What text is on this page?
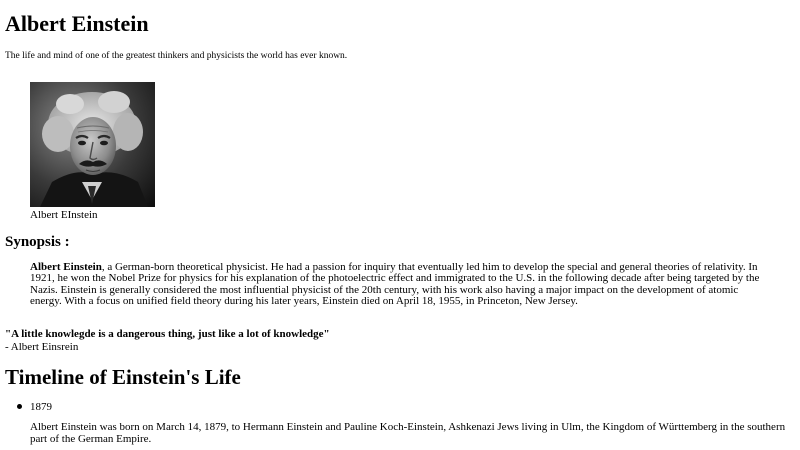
Albert Einstein

The life and mind of one of the greatest thinkers and physicists the world has ever known.

Albert EInstein
Synopsis :

Albert Einstein, a German-born theoretical physicist. He had a passion for inquiry that eventually led him to develop the special and general theories of relativity. In 1921, he won the Nobel Prize for physics for his explanation of the photoelectric effect and immigrated to the U.S. in the following decade after being targeted by the Nazis. Einstein is generally considered the most influential physicist of the 20th century, with his work also having a major impact on the development of atomic energy. With a focus on unified field theory during his later years, Einstein died on April 18, 1955, in Princeton, New Jersey.

"A little knowlegde is a dangerous thing, just like a lot of knowledge"
- Albert Einsrein
Timeline of Einstein's Life
1879
Albert Einstein was born on March 14, 1879, to Hermann Einstein and Pauline Koch-Einstein, Ashkenazi Jews living in Ulm, the Kingdom of Württemberg in the southern part of the German Empire.
